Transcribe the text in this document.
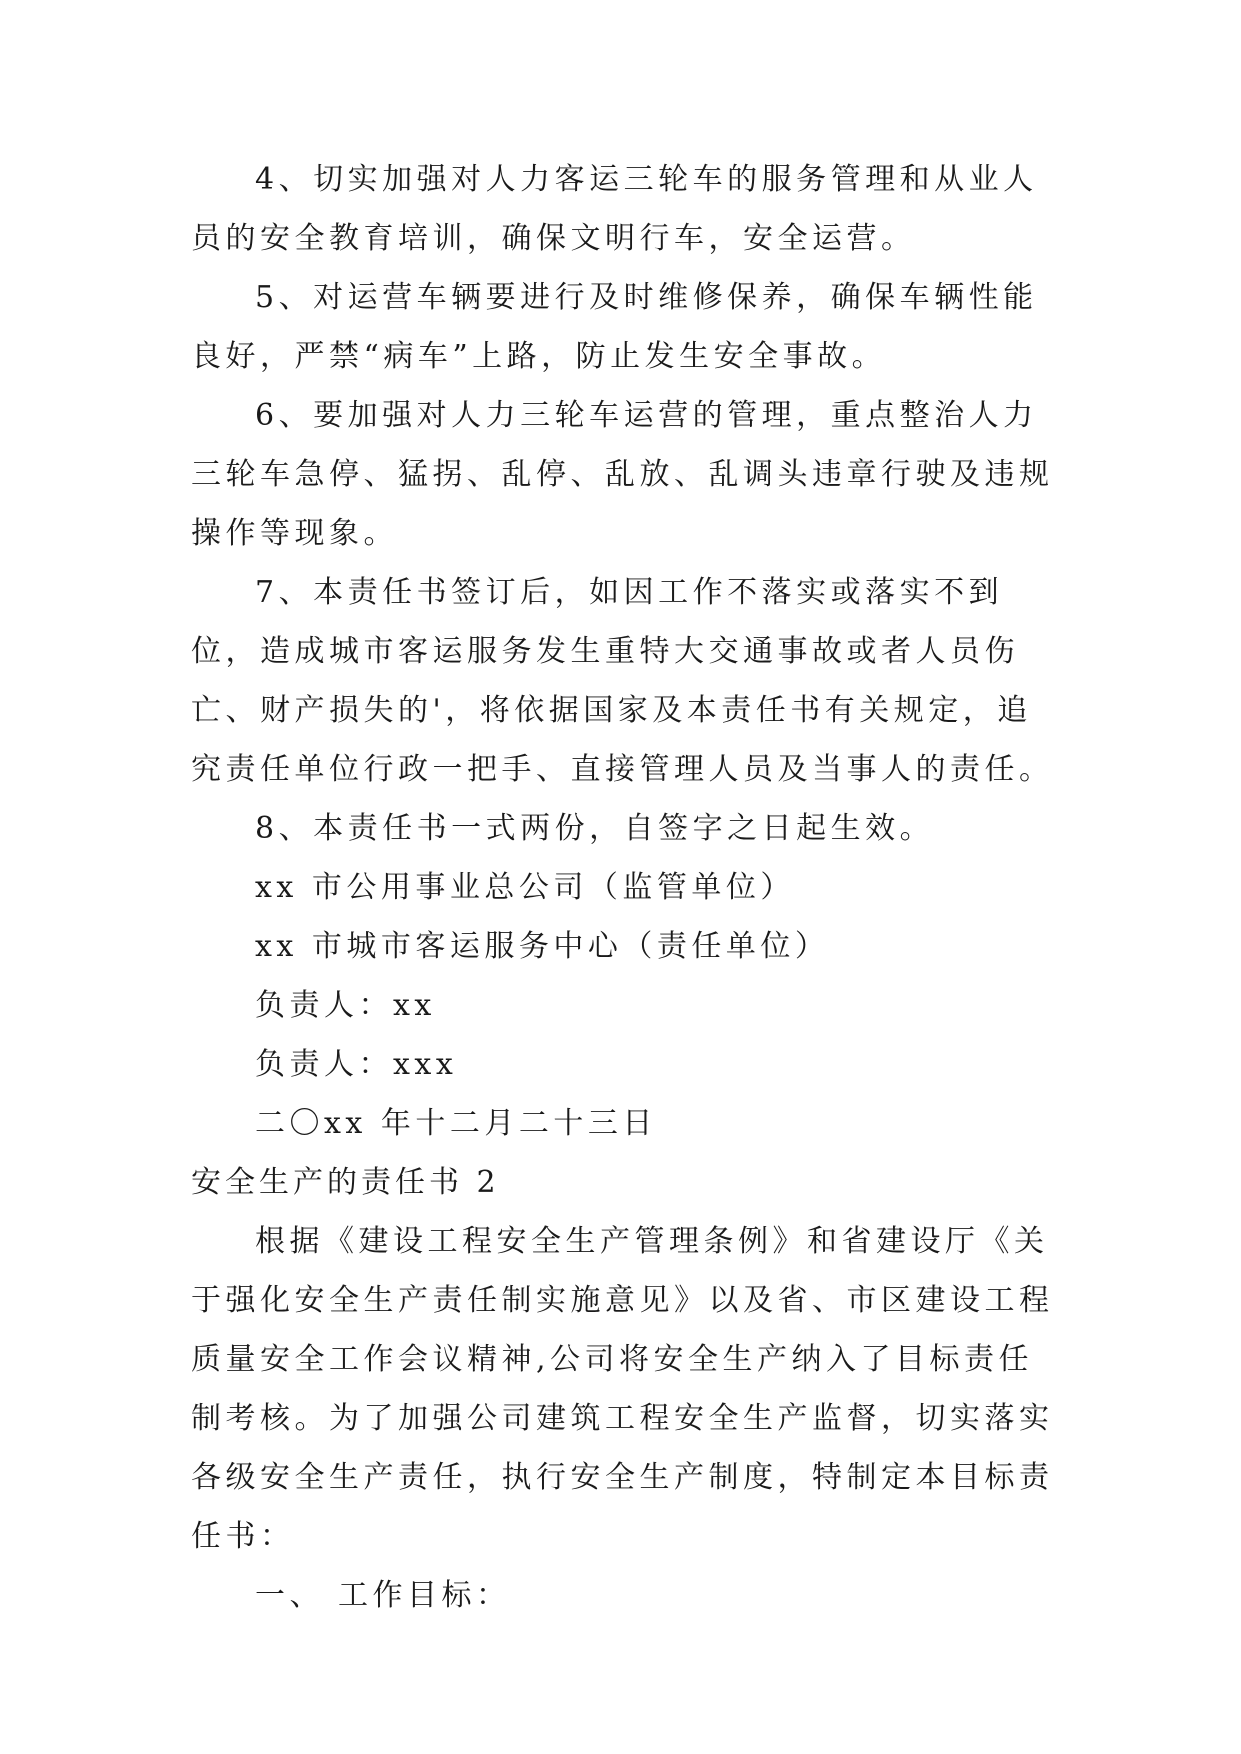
4、切实加强对人力客运三轮车的服务管理和从业人员的安全教育培训，确保文明行车，安全运营。

5、对运营车辆要进行及时维修保养，确保车辆性能良好，严禁“病车”上路，防止发生安全事故。

6、要加强对人力三轮车运营的管理，重点整治人力三轮车急停、猛拐、乱停、乱放、乱调头违章行驶及违规操作等现象。

7、本责任书签订后，如因工作不落实或落实不到位，造成城市客运服务发生重特大交通事故或者人员伤亡、财产损失的'，将依据国家及本责任书有关规定，追究责任单位行政一把手、直接管理人员及当事人的责任。

8、本责任书一式两份，自签字之日起生效。

xx 市公用事业总公司（监管单位）

xx 市城市客运服务中心（责任单位）

负责人：xx

负责人：xxx

二〇xx 年十二月二十三日

安全生产的责任书 2

根据《建设工程安全生产管理条例》和省建设厅《关于强化安全生产责任制实施意见》以及省、市区建设工程质量安全工作会议精神,公司将安全生产纳入了目标责任制考核。为了加强公司建筑工程安全生产监督，切实落实各级安全生产责任，执行安全生产制度，特制定本目标责任书：

一、 工作目标：
